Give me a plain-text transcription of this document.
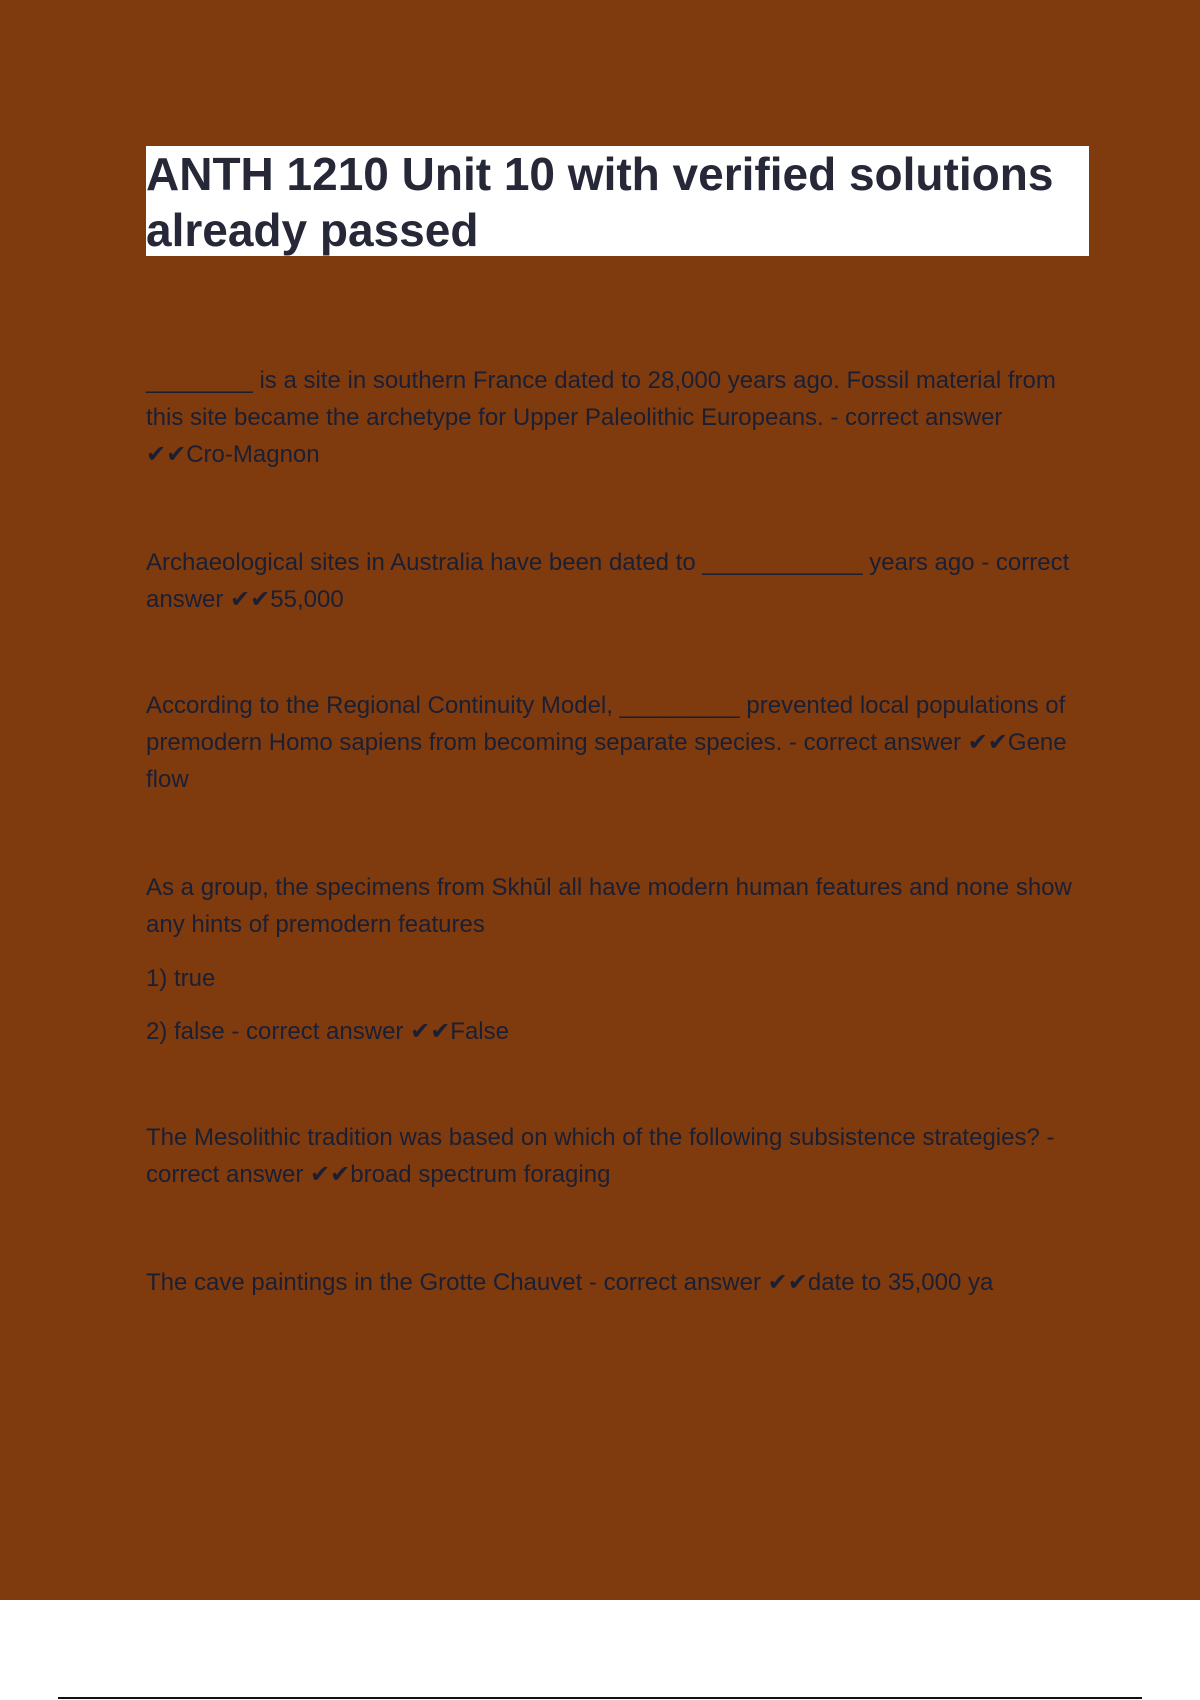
ANTH 1210 Unit 10 with verified solutions already passed

________ is a site in southern France dated to 28,000 years ago. Fossil material from this site became the archetype for Upper Paleolithic Europeans. - correct answer ✔✔Cro-Magnon

Archaeological sites in Australia have been dated to ____________ years ago - correct answer ✔✔55,000

According to the Regional Continuity Model, _________ prevented local populations of premodern Homo sapiens from becoming separate species. - correct answer ✔✔Gene flow

As a group, the specimens from Skhūl all have modern human features and none show any hints of premodern features

1) true

2) false - correct answer ✔✔False

The Mesolithic tradition was based on which of the following subsistence strategies? - correct answer ✔✔broad spectrum foraging

The cave paintings in the Grotte Chauvet - correct answer ✔✔date to 35,000 ya
